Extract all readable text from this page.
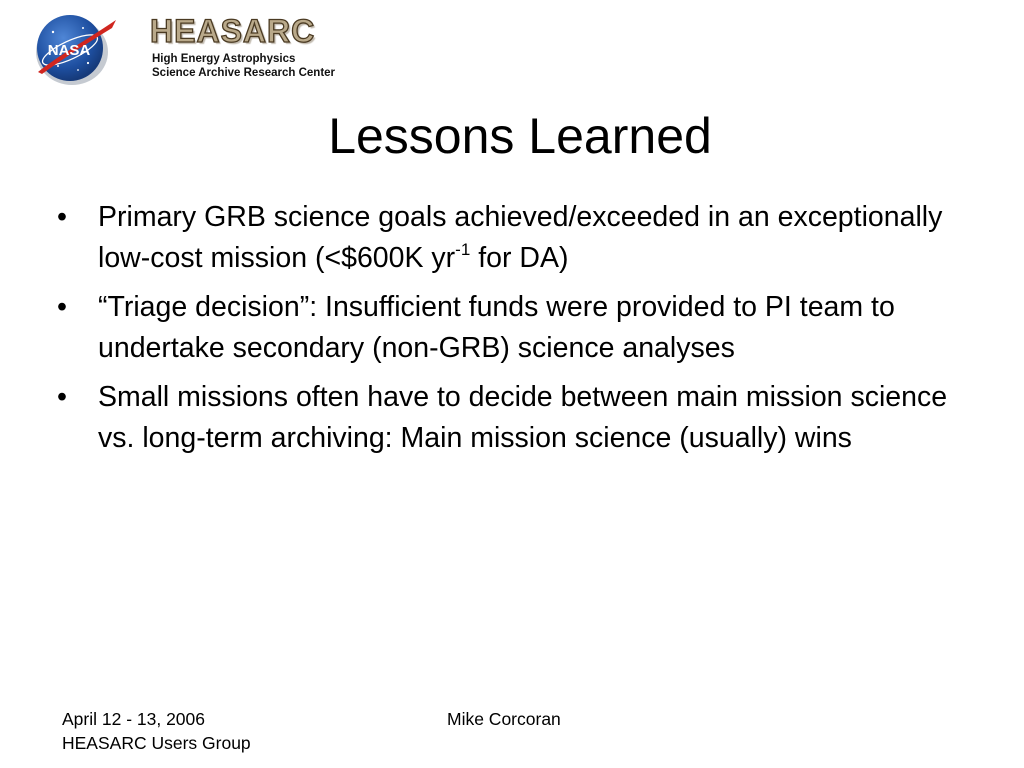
NASA
HEASARC
High Energy Astrophysics
Science Archive Research Center
Lessons Learned
• Primary GRB science goals achieved/exceeded in an exceptionally low-cost mission (<$600K $yr^{-1}$ for DA)
• “Triage decision”: Insufficient funds were provided to PI team to undertake secondary (non-GRB) science analyses
• Small missions often have to decide between main mission science vs. long-term archiving: Main mission science (usually) wins
April 12 - 13, 2006
HEASARC Users Group
Mike Corcoran
